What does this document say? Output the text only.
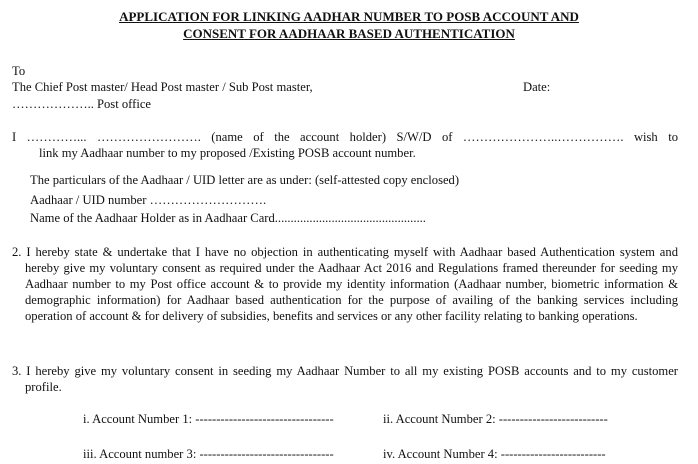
APPLICATION FOR LINKING AADHAR NUMBER TO POSB ACCOUNT AND
CONSENT FOR AADHAAR BASED AUTHENTICATION
To
The Chief Post master/ Head Post master / Sub Post master,	Date:
……………….. Post office
I …………... ……………………. (name of the account holder) S/W/D of …………………..……………. wish to
link my Aadhaar number to my proposed /Existing POSB account number.
The particulars of the Aadhaar / UID letter are as under: (self-attested copy enclosed)
Aadhaar / UID number ……………………….
Name of the Aadhaar Holder as in Aadhaar Card................................................
2. I hereby state & undertake that I have no objection in authenticating myself with Aadhaar based Authentication system and hereby give my voluntary consent as required under the Aadhaar Act 2016 and Regulations framed thereunder for seeding my Aadhaar number to my Post office account & to provide my identity information (Aadhaar number, biometric information & demographic information) for Aadhaar based authentication for the purpose of availing of the banking services including operation of account & for delivery of subsidies, benefits and services or any other facility relating to banking operations.
3. I hereby give my voluntary consent in seeding my Aadhaar Number to all my existing POSB accounts and to my customer profile.
i. Account Number 1: ---------------------------------	ii. Account Number 2: --------------------------
iii. Account number 3: --------------------------------	iv. Account Number 4: -------------------------
